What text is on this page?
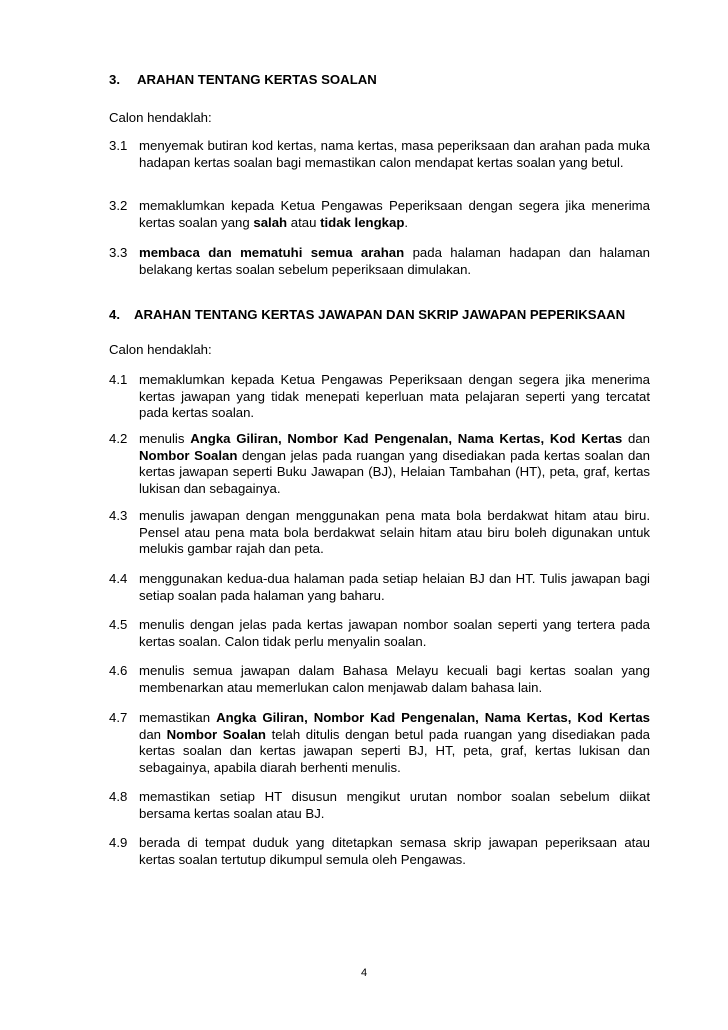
3. ARAHAN TENTANG KERTAS SOALAN
Calon hendaklah:
3.1 menyemak butiran kod kertas, nama kertas, masa peperiksaan dan arahan pada muka hadapan kertas soalan bagi memastikan calon mendapat kertas soalan yang betul.
3.2 memaklumkan kepada Ketua Pengawas Peperiksaan dengan segera jika menerima kertas soalan yang salah atau tidak lengkap.
3.3 membaca dan mematuhi semua arahan pada halaman hadapan dan halaman belakang kertas soalan sebelum peperiksaan dimulakan.
4. ARAHAN TENTANG KERTAS JAWAPAN DAN SKRIP JAWAPAN PEPERIKSAAN
Calon hendaklah:
4.1 memaklumkan kepada Ketua Pengawas Peperiksaan dengan segera jika menerima kertas jawapan yang tidak menepati keperluan mata pelajaran seperti yang tercatat pada kertas soalan.
4.2 menulis Angka Giliran, Nombor Kad Pengenalan, Nama Kertas, Kod Kertas dan Nombor Soalan dengan jelas pada ruangan yang disediakan pada kertas soalan dan kertas jawapan seperti Buku Jawapan (BJ), Helaian Tambahan (HT), peta, graf, kertas lukisan dan sebagainya.
4.3 menulis jawapan dengan menggunakan pena mata bola berdakwat hitam atau biru. Pensel atau pena mata bola berdakwat selain hitam atau biru boleh digunakan untuk melukis gambar rajah dan peta.
4.4 menggunakan kedua-dua halaman pada setiap helaian BJ dan HT. Tulis jawapan bagi setiap soalan pada halaman yang baharu.
4.5 menulis dengan jelas pada kertas jawapan nombor soalan seperti yang tertera pada kertas soalan. Calon tidak perlu menyalin soalan.
4.6 menulis semua jawapan dalam Bahasa Melayu kecuali bagi kertas soalan yang membenarkan atau memerlukan calon menjawab dalam bahasa lain.
4.7 memastikan Angka Giliran, Nombor Kad Pengenalan, Nama Kertas, Kod Kertas dan Nombor Soalan telah ditulis dengan betul pada ruangan yang disediakan pada kertas soalan dan kertas jawapan seperti BJ, HT, peta, graf, kertas lukisan dan sebagainya, apabila diarah berhenti menulis.
4.8 memastikan setiap HT disusun mengikut urutan nombor soalan sebelum diikat bersama kertas soalan atau BJ.
4.9 berada di tempat duduk yang ditetapkan semasa skrip jawapan peperiksaan atau kertas soalan tertutup dikumpul semula oleh Pengawas.
4
